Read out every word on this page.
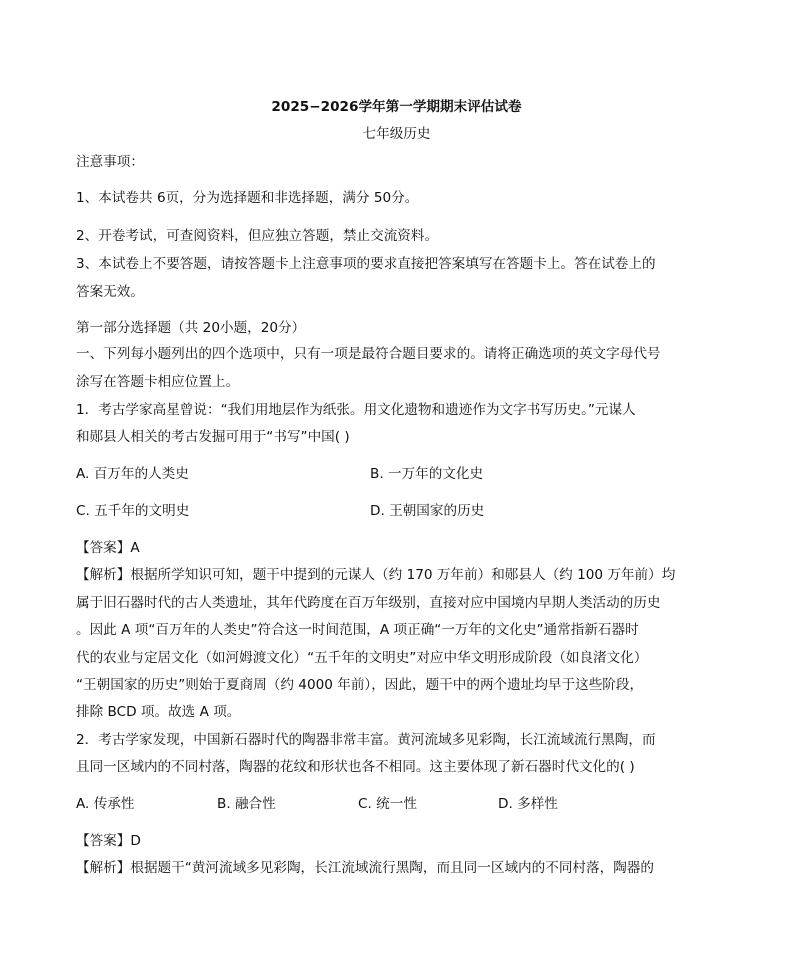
2025−2026学年第一学期期末评估试卷
七年级历史
注意事项：
1、本试卷共 6页，分为选择题和非选择题，满分 50分。
2、开卷考试，可查阅资料，但应独立答题，禁止交流资料。
3、本试卷上不要答题，请按答题卡上注意事项的要求直接把答案填写在答题卡上。答在试卷上的
答案无效。
第一部分选择题（共 20小题，20分）
一、下列每小题列出的四个选项中，只有一项是最符合题目要求的。请将正确选项的英文字母代号
涂写在答题卡相应位置上。
1．考古学家高星曾说：“我们用地层作为纸张。用文化遗物和遗迹作为文字书写历史。”元谋人
和郧县人相关的考古发掘可用于“书写”中国( )
A. 百万年的人类史	B. 一万年的文化史
C. 五千年的文明史	D. 王朝国家的历史
【答案】A
【解析】根据所学知识可知，题干中提到的元谋人（约 170 万年前）和郧县人（约 100 万年前）均
属于旧石器时代的古人类遗址，其年代跨度在百万年级别，直接对应中国境内早期人类活动的历史
。因此 A 项“百万年的人类史”符合这一时间范围，A 项正确“一万年的文化史”通常指新石器时
代的农业与定居文化（如河姆渡文化）“五千年的文明史”对应中华文明形成阶段（如良渚文化）
“王朝国家的历史”则始于夏商周（约 4000 年前），因此，题干中的两个遗址均早于这些阶段，
排除 BCD 项。故选 A 项。
2．考古学家发现，中国新石器时代的陶器非常丰富。黄河流域多见彩陶，长江流域流行黑陶，而
且同一区域内的不同村落，陶器的花纹和形状也各不相同。这主要体现了新石器时代文化的( )
A. 传承性	B. 融合性	C. 统一性	D. 多样性
【答案】D
【解析】根据题干“黄河流域多见彩陶，长江流域流行黑陶，而且同一区域内的不同村落，陶器的
